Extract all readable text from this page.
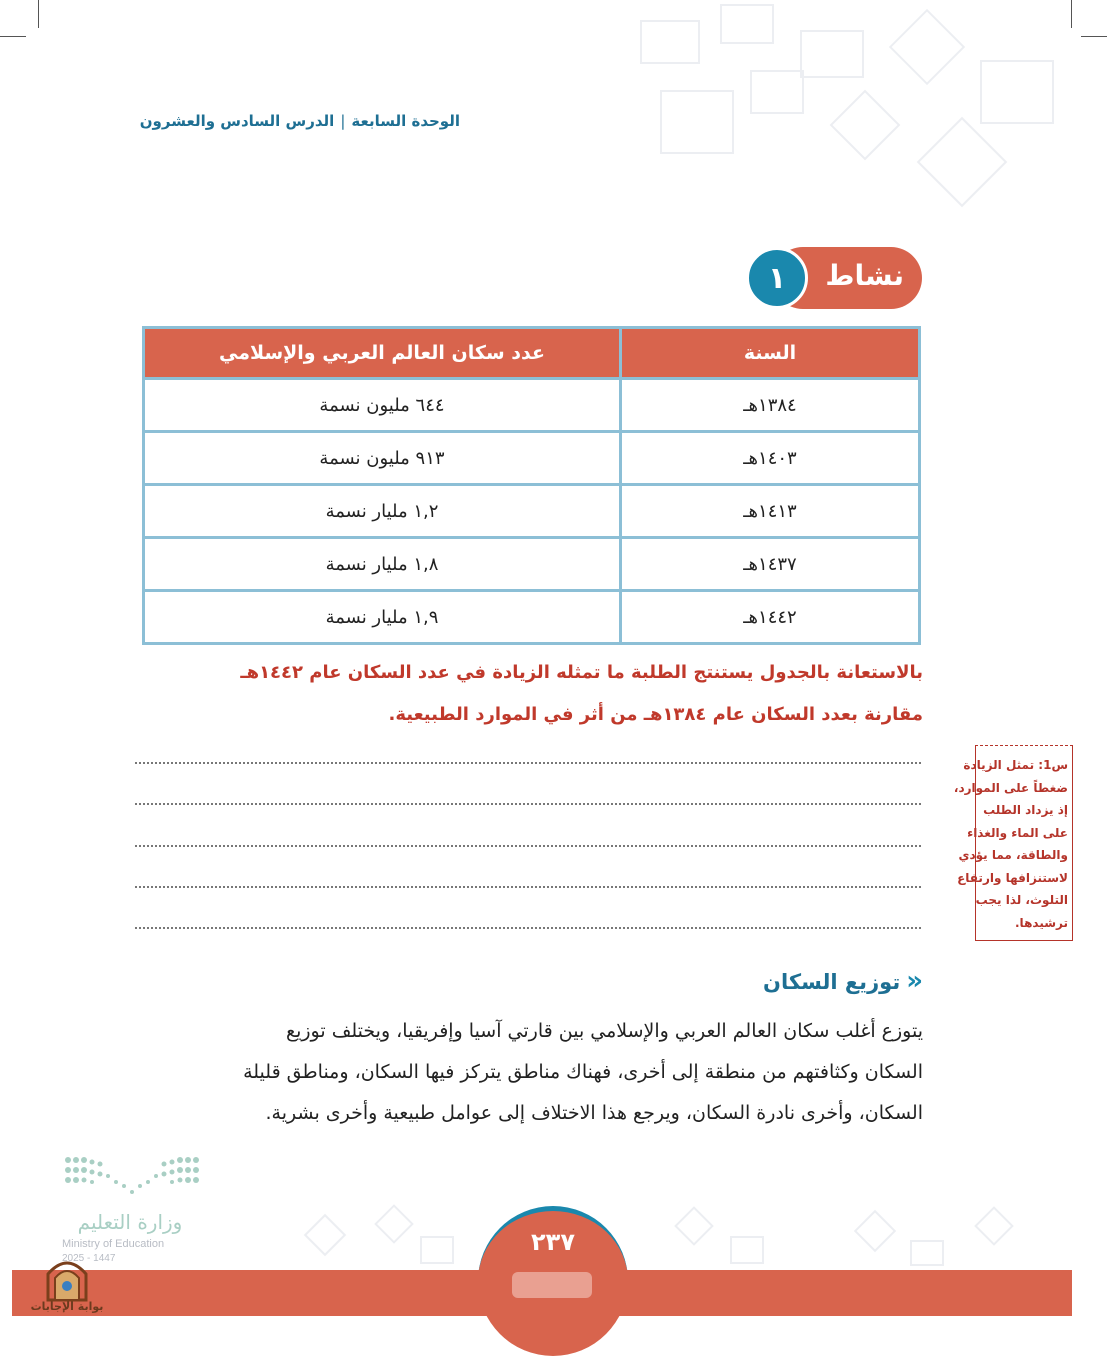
الوحدة السابعة|الدرس السادس والعشرون
نشاط
١
السنة	عدد سكان العالم العربي والإسلامي
١٣٨٤هـ	٦٤٤ مليون نسمة
١٤٠٣هـ	٩١٣ مليون نسمة
١٤١٣هـ	١,٢ مليار نسمة
١٤٣٧هـ	١,٨ مليار نسمة
١٤٤٢هـ	١,٩ مليار نسمة
بالاستعانة بالجدول يستنتج الطلبة ما تمثله الزيادة في عدد السكان عام ١٤٤٢هـ
مقارنة بعدد السكان عام ١٣٨٤هـ من أثر في الموارد الطبيعية.
س1: تمثل الزيادة
ضغطاً على الموارد،
إذ يزداد الطلب
على الماء والغذاء
والطاقة، مما يؤدي
لاستنزافها وارتفاع
التلوث، لذا يجب
ترشيدها.
«توزيع السكان
يتوزع أغلب سكان العالم العربي والإسلامي بين قارتي آسيا وإفريقيا، ويختلف توزيع
السكان وكثافتهم من منطقة إلى أخرى، فهناك مناطق يتركز فيها السكان، ومناطق قليلة
السكان، وأخرى نادرة السكان، ويرجع هذا الاختلاف إلى عوامل طبيعية وأخرى بشرية.
٢٣٧
وزارة التعليم
Ministry of Education
2025 - 1447
بوابة الإجابات
